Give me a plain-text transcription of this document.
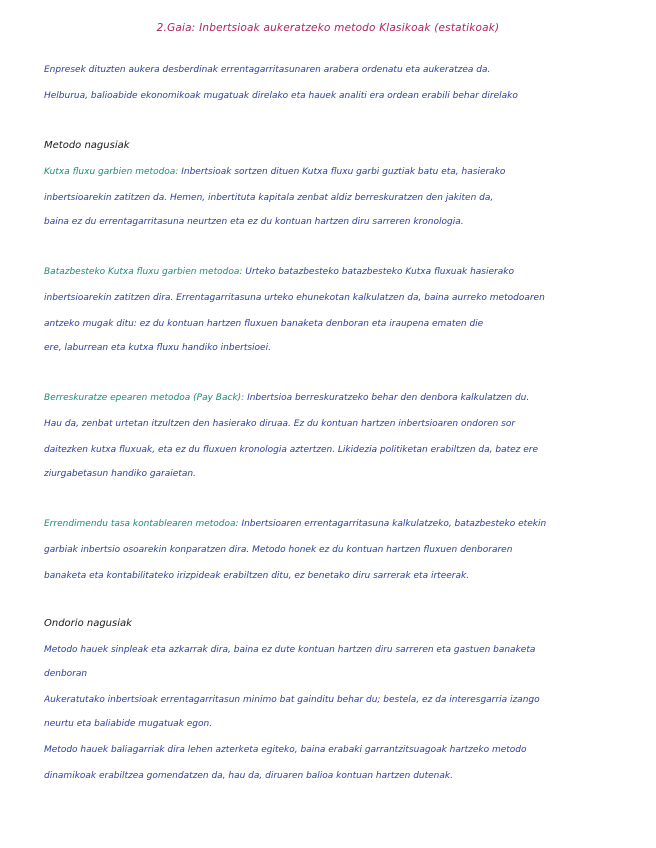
2.Gaia: Inbertsioak aukeratzeko metodo Klasikoak (estatikoak)
Enpresek dituzten aukera desberdinak errentagarritasunaren arabera ordenatu eta aukeratzea da.
Helburua, balioabide ekonomikoak mugatuak direlako eta hauek analiti era ordean erabili behar direlako
Metodo nagusiak
Kutxa fluxu garbien metodoa: Inbertsioak sortzen dituen Kutxa fluxu garbi guztiak batu eta, hasierako
inbertsioarekin zatitzen da. Hemen, inbertituta kapitala zenbat aldiz berreskuratzen den jakiten da,
baina ez du errentagarritasuna neurtzen eta ez du kontuan hartzen diru sarreren kronologia.
Batazbesteko Kutxa fluxu garbien metodoa: Urteko batazbesteko batazbesteko Kutxa fluxuak hasierako
inbertsioarekin zatitzen dira. Errentagarritasuna urteko ehunekotan kalkulatzen da, baina aurreko metodoaren
antzeko mugak ditu: ez du kontuan hartzen fluxuen banaketa denboran eta iraupena ematen die
ere, laburrean eta kutxa fluxu handiko inbertsioei.
Berreskuratze epearen metodoa (Pay Back): Inbertsioa berreskuratzeko behar den denbora kalkulatzen du.
Hau da, zenbat urtetan itzultzen den hasierako diruaa. Ez du kontuan hartzen inbertsioaren ondoren sor
daitezken kutxa fluxuak, eta ez du fluxuen kronologia aztertzen. Likidezia politiketan erabiltzen da, batez ere
ziurgabetasun handiko garaietan.
Errendimendu tasa kontablearen metodoa: Inbertsioaren errentagarritasuna kalkulatzeko, batazbesteko etekin
garbiak inbertsio osoarekin konparatzen dira. Metodo honek ez du kontuan hartzen fluxuen denboraren
banaketa eta kontabilitateko irizpideak erabiltzen ditu, ez benetako diru sarrerak eta irteerak.
Ondorio nagusiak
Metodo hauek sinpleak eta azkarrak dira, baina ez dute kontuan hartzen diru sarreren eta gastuen banaketa
denboran
Aukeratutako inbertsioak errentagarritasun minimo bat gainditu behar du; bestela, ez da interesgarria izango
neurtu eta baliabide mugatuak egon.
Metodo hauek baliagarriak dira lehen azterketa egiteko, baina erabaki garrantzitsuagoak hartzeko metodo
dinamikoak erabiltzea gomendatzen da, hau da, diruaren balioa kontuan hartzen dutenak.
